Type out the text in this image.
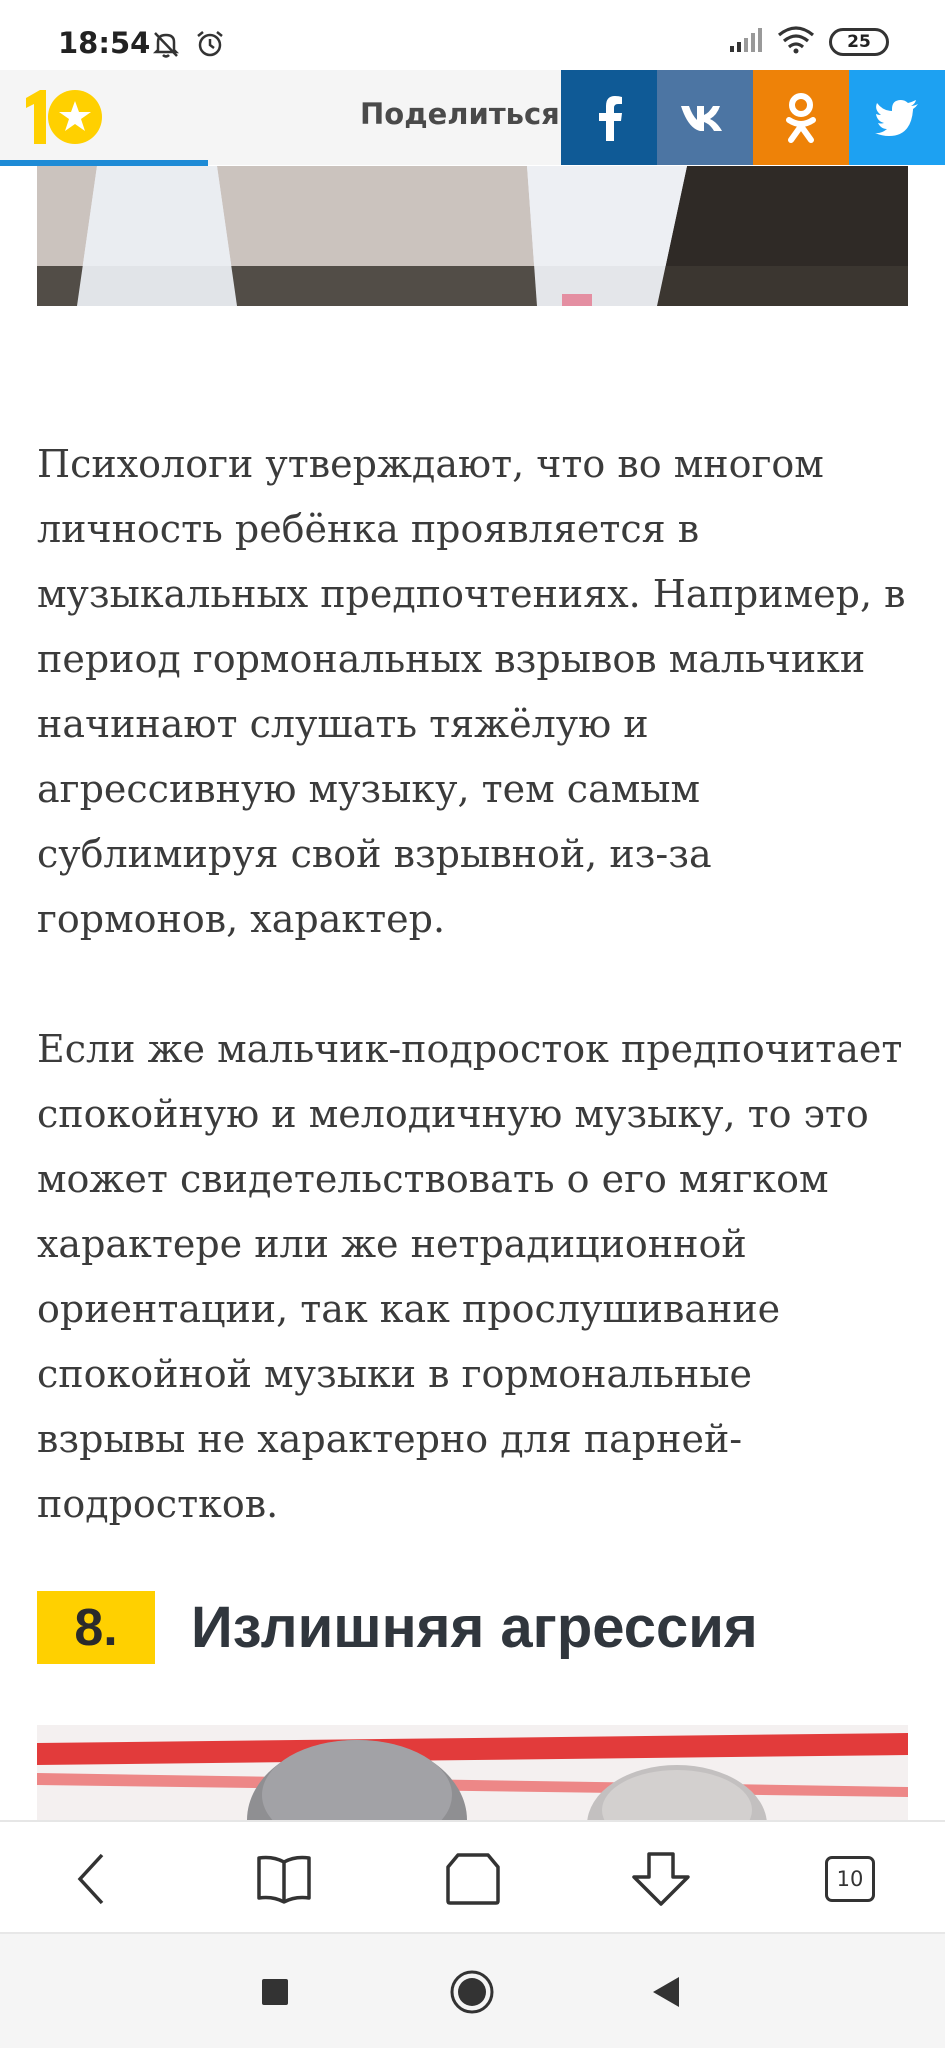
18:54	25
Поделиться

Психологи утверждают, что во многом личность ребёнка проявляется в музыкальных предпочтениях. Например, в период гормональных взрывов мальчики начинают слушать тяжёлую и агрессивную музыку, тем самым сублимируя свой взрывной, из-за гормонов, характер.

Если же мальчик-подросток предпочитает спокойную и мелодичную музыку, то это может свидетельствовать о его мягком характере или же нетрадиционной ориентации, так как прослушивание спокойной музыки в гормональные взрывы не характерно для парней-подростков.

8.	Излишняя агрессия
10
